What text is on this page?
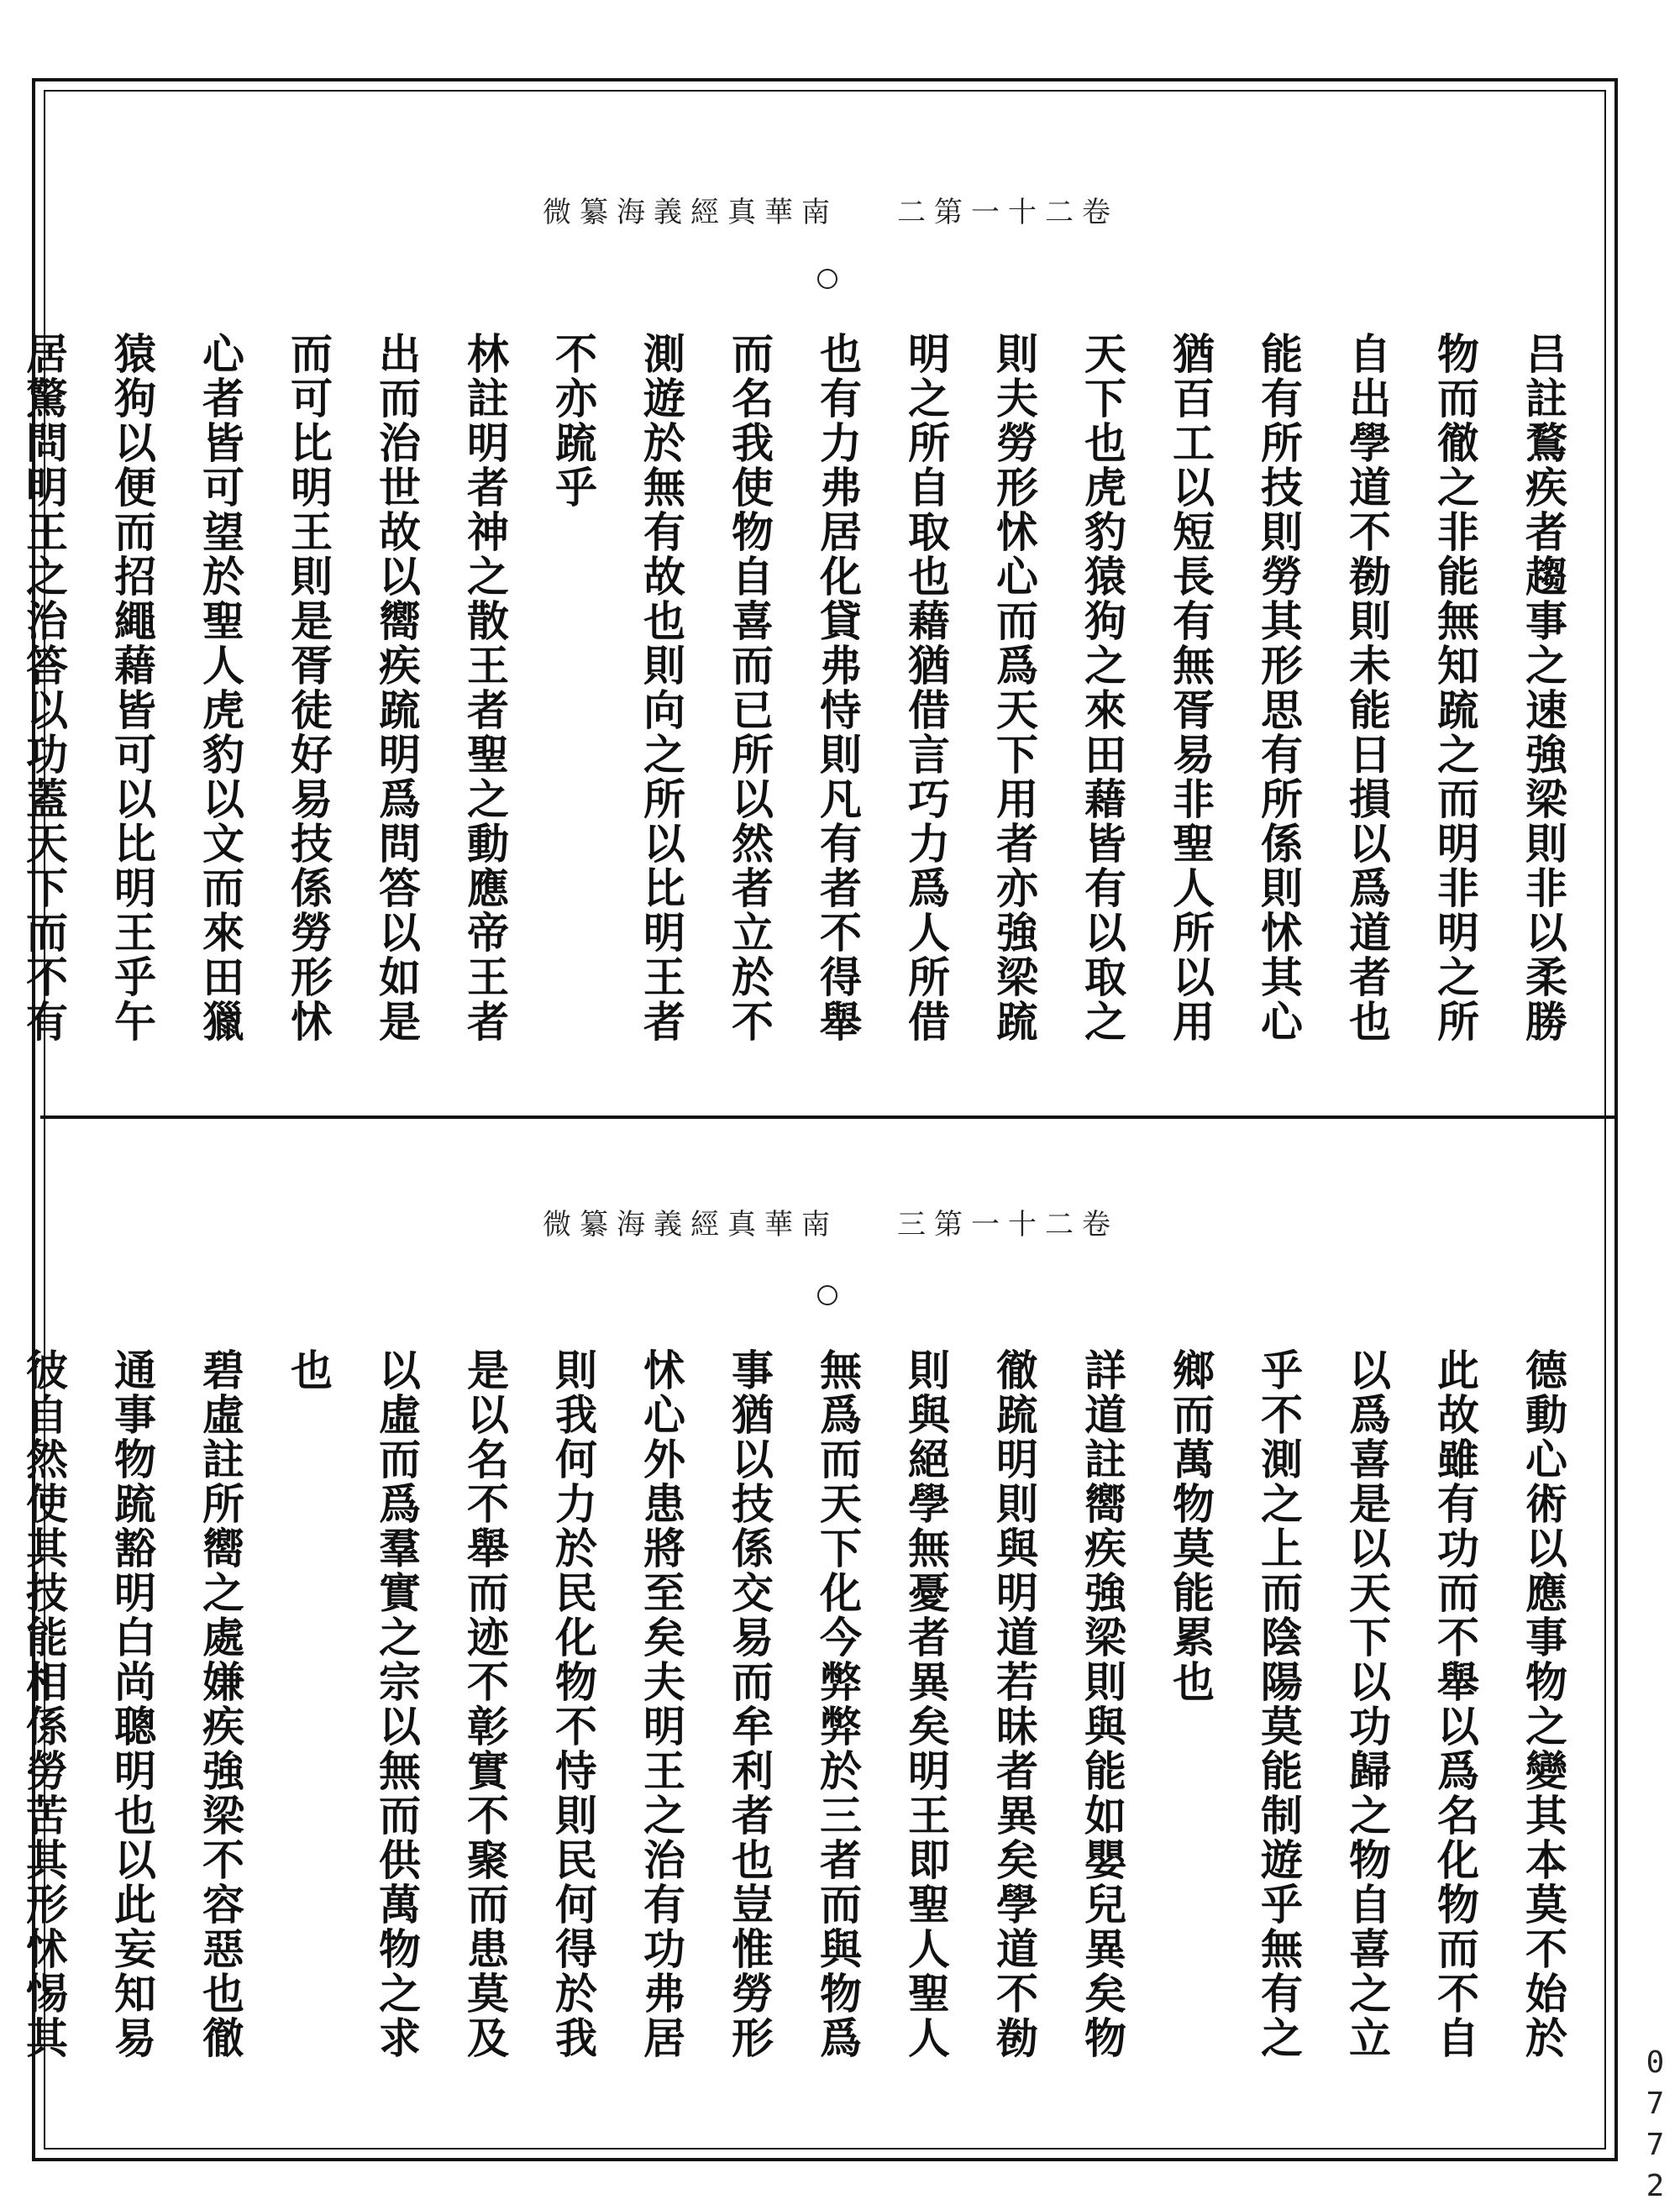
南華真經義海纂微 卷二十一第二
吕註鶩疾者趨事之速強梁則非以柔勝
物而徹之非能無知䟽之而明非明之所
自出學道不勌則未能日損以爲道者也
能有所技則勞其形思有所係則怵其心
猶百工以短長有無胥易非聖人所以用
天下也虎豹猿狗之來田藉皆有以取之
則夫勞形怵心而爲天下用者亦強梁䟽
明之所自取也藉猶借言巧力爲人所借
也有力弗居化貸弗恃則凡有者不得舉
而名我使物自喜而已所以然者立於不
測遊於無有故也則向之所以比明王者
不亦䟽乎
林註明者神之散王者聖之動應帝王者
出而治世故以嚮疾䟽明爲問答以如是
而可比明王則是胥徒好易技係勞形怵
心者皆可望於聖人虎豹以文而來田獵
猿狗以便而招繩藉皆可以比明王乎午
居驚問明王之治答以功蓋天下而不有
南華真經義海纂微 卷二十一第三
德動心術以應事物之變其本莫不始於
此故雖有功而不舉以爲名化物而不自
以爲喜是以天下以功歸之物自喜之立
乎不測之上而陰陽莫能制遊乎無有之
鄉而萬物莫能累也
詳道註嚮疾強梁則與能如嬰兒異矣物
徹䟽明則與明道若昧者異矣學道不勌
則與絕學無憂者異矣明王即聖人聖人
無爲而天下化今弊弊於三者而與物爲
事猶以技係交易而牟利者也豈惟勞形
怵心外患將至矣夫明王之治有功弗居
則我何力於民化物不恃則民何得於我
是以名不舉而迹不彰實不聚而患莫及
以虛而爲羣實之宗以無而供萬物之求
也
碧虛註所嚮之處嫌疾強梁不容惡也徹
通事物䟽豁明白尚聰明也以此妄知易
彼自然使其技能相係勞苦其形怵惕其
0772
